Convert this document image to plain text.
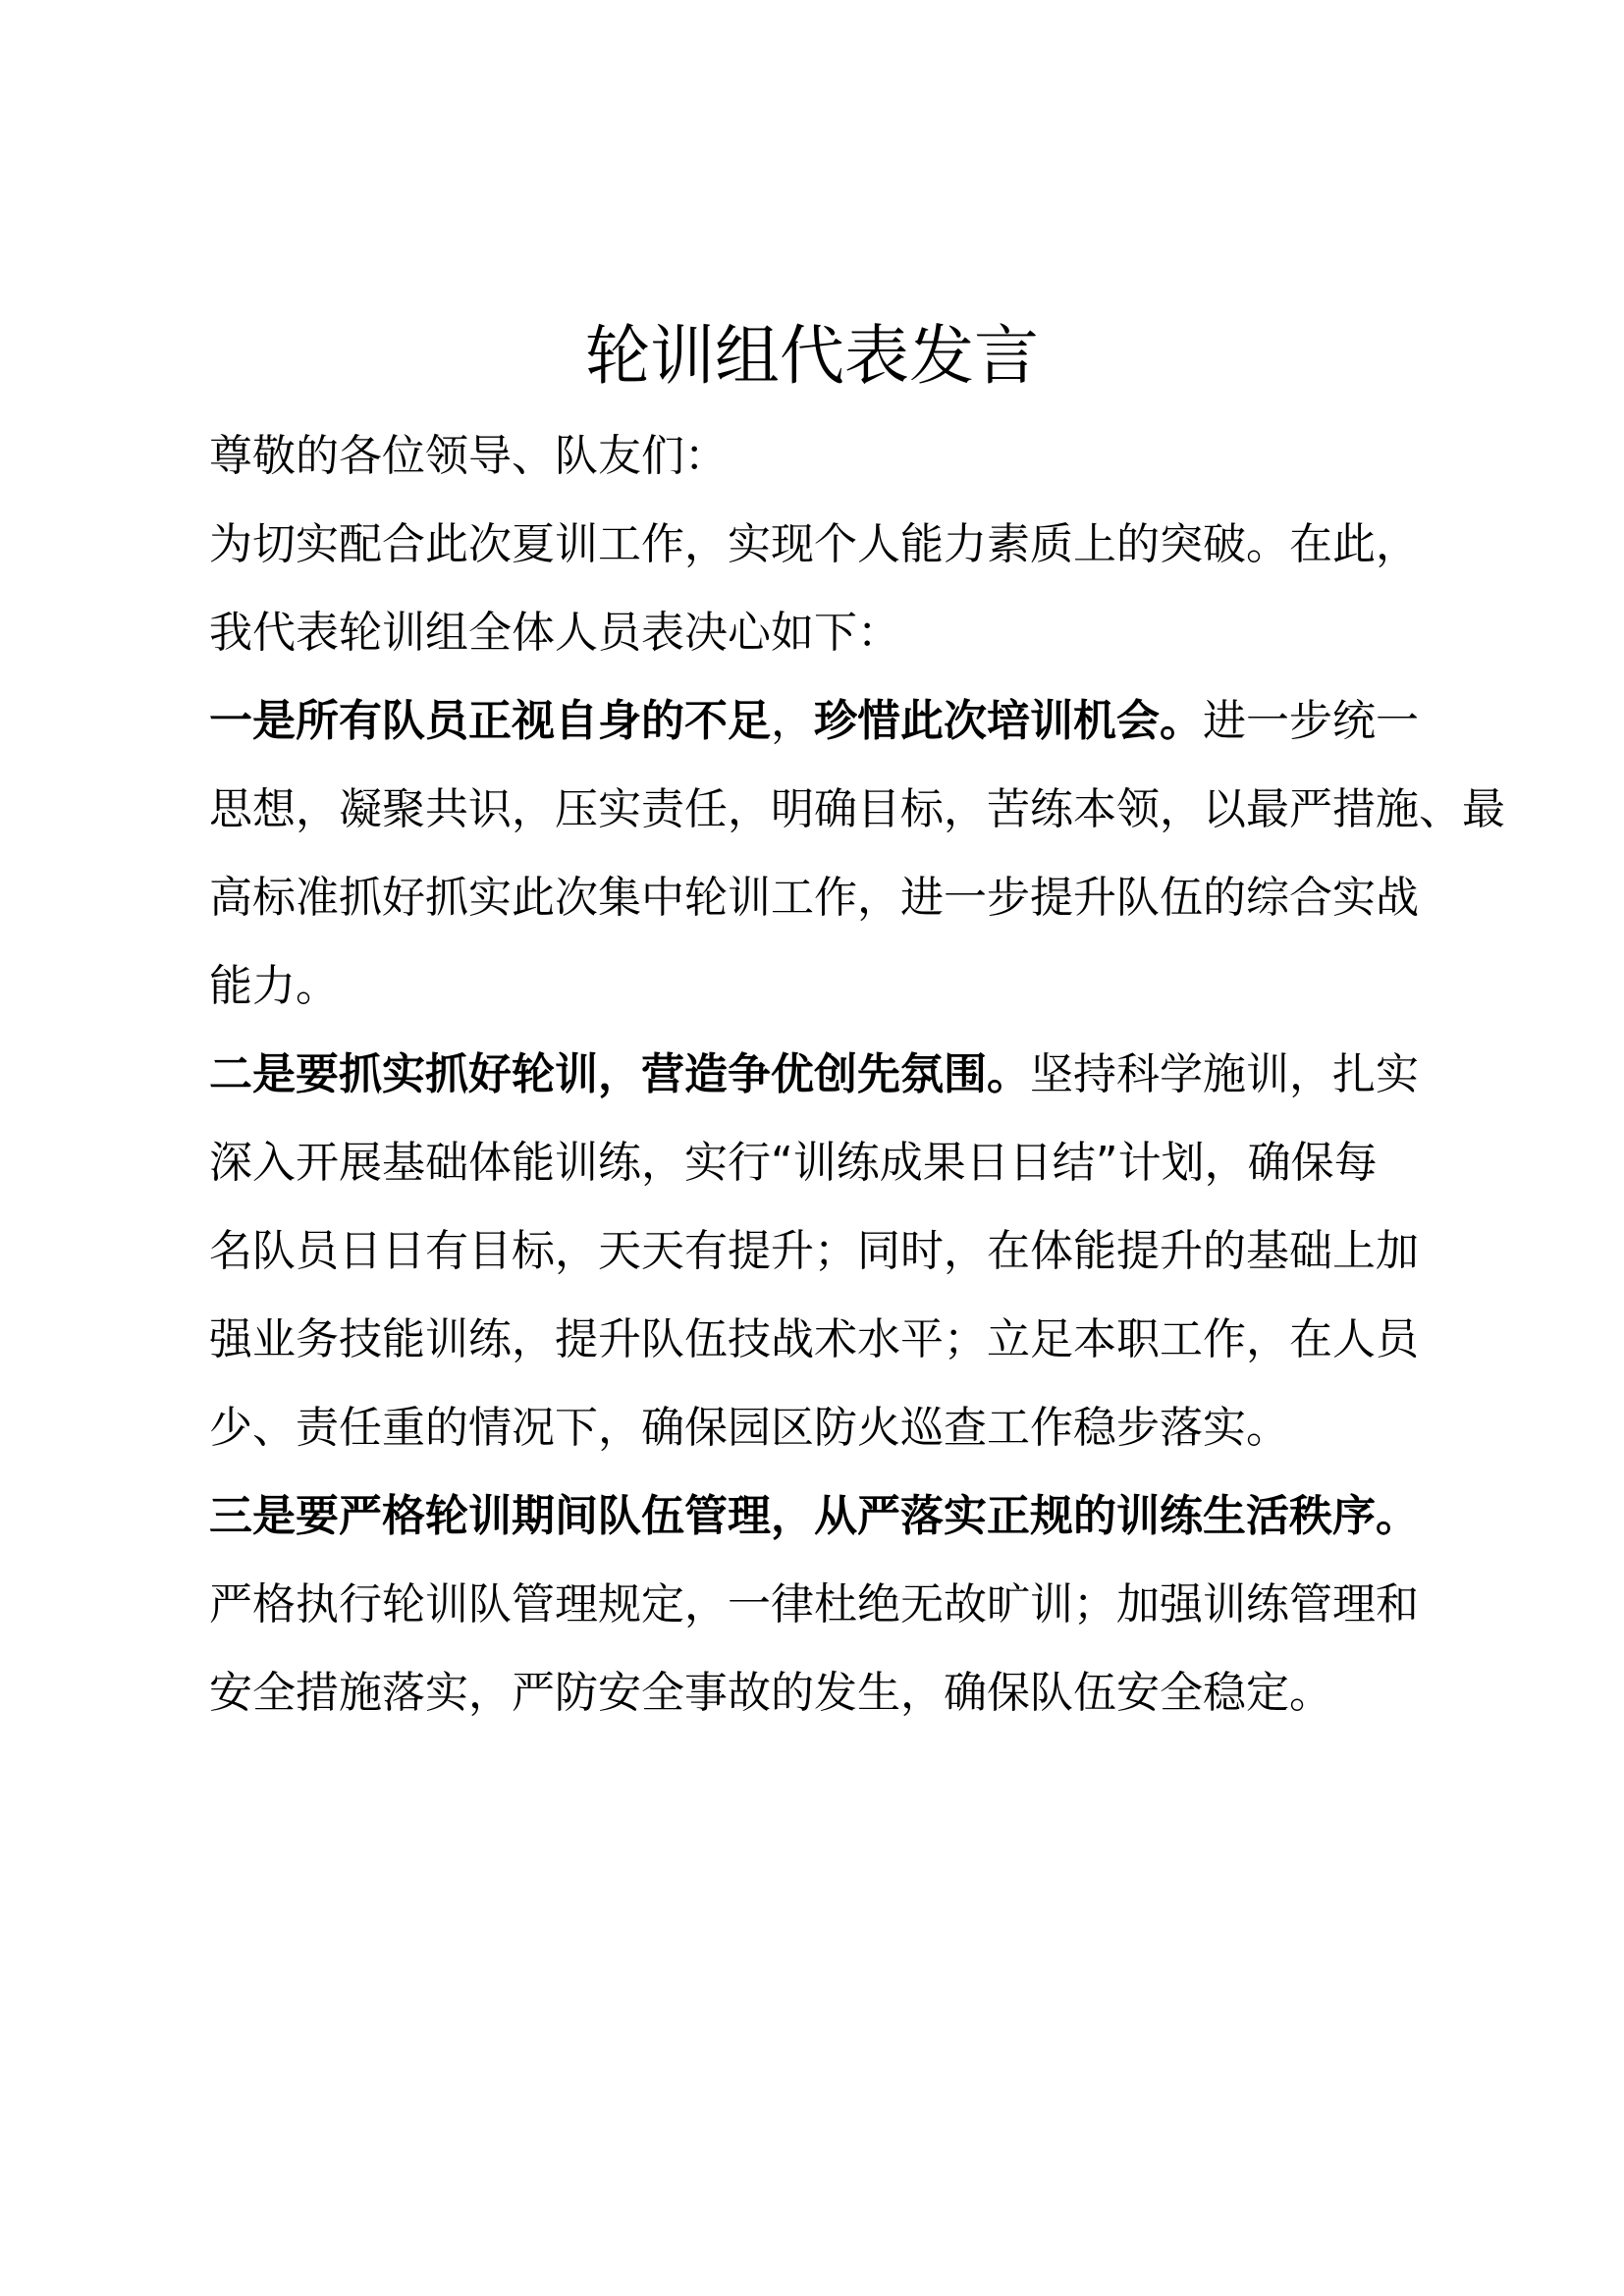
轮训组代表发言
尊敬的各位领导、队友们：
为切实配合此次夏训工作，实现个人能力素质上的突破。在此，
我代表轮训组全体人员表决心如下：
一是所有队员正视自身的不足，珍惜此次培训机会。进一步统一
思想，凝聚共识，压实责任，明确目标，苦练本领，以最严措施、最
高标准抓好抓实此次集中轮训工作，进一步提升队伍的综合实战
能力。
二是要抓实抓好轮训，营造争优创先氛围。坚持科学施训，扎实
深入开展基础体能训练，实行“训练成果日日结”计划，确保每
名队员日日有目标，天天有提升；同时，在体能提升的基础上加
强业务技能训练，提升队伍技战术水平；立足本职工作，在人员
少、责任重的情况下，确保园区防火巡查工作稳步落实。
三是要严格轮训期间队伍管理，从严落实正规的训练生活秩序。
严格执行轮训队管理规定，一律杜绝无故旷训；加强训练管理和
安全措施落实，严防安全事故的发生，确保队伍安全稳定。
